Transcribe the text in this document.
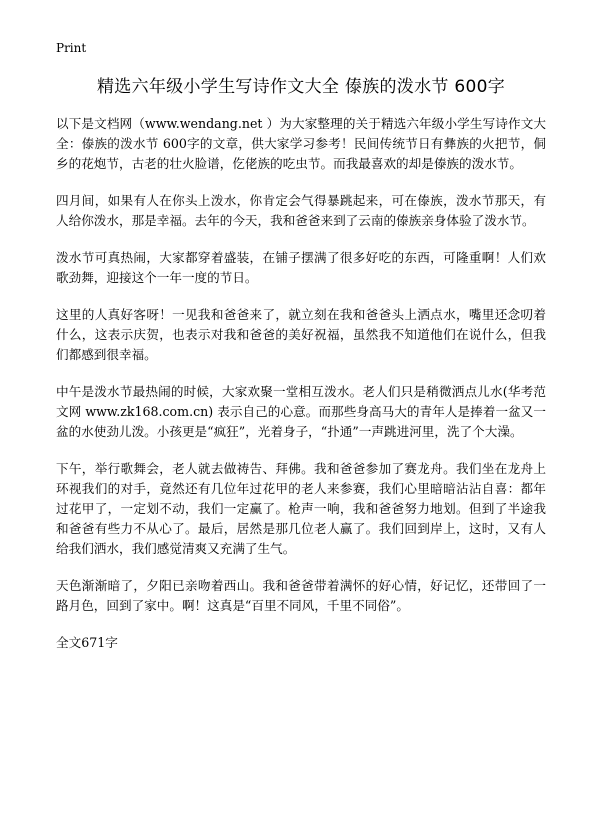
Print
精选六年级小学生写诗作文大全 傣族的泼水节 600字

以下是文档网（www.wendang.net ）为大家整理的关于精选六年级小学生写诗作文大全：傣族的泼水节 600字的文章，供大家学习参考！民间传统节日有彝族的火把节，侗乡的花炮节，古老的壮火脸谱，仡佬族的吃虫节。而我最喜欢的却是傣族的泼水节。

四月间，如果有人在你头上泼水，你肯定会气得暴跳起来，可在傣族，泼水节那天，有人给你泼水，那是幸福。去年的今天，我和爸爸来到了云南的傣族亲身体验了泼水节。

泼水节可真热闹，大家都穿着盛装，在铺子摆满了很多好吃的东西，可隆重啊！人们欢歌劲舞，迎接这个一年一度的节日。

这里的人真好客呀！一见我和爸爸来了，就立刻在我和爸爸头上洒点水，嘴里还念叨着什么，这表示庆贺，也表示对我和爸爸的美好祝福，虽然我不知道他们在说什么，但我们都感到很幸福。

中午是泼水节最热闹的时候，大家欢聚一堂相互泼水。老人们只是稍微洒点儿水(华考范文网 www.zk168.com.cn) 表示自己的心意。而那些身高马大的青年人是捧着一盆又一盆的水使劲儿泼。小孩更是“疯狂”，光着身子，“扑通”一声跳进河里，洗了个大澡。

下午，举行歌舞会，老人就去做祷告、拜佛。我和爸爸参加了赛龙舟。我们坐在龙舟上环视我们的对手，竟然还有几位年过花甲的老人来参赛，我们心里暗暗沾沾自喜：都年过花甲了，一定划不动，我们一定赢了。枪声一响，我和爸爸努力地划。但到了半途我和爸爸有些力不从心了。最后，居然是那几位老人赢了。我们回到岸上，这时，又有人给我们洒水，我们感觉清爽又充满了生气。

天色渐渐暗了，夕阳已亲吻着西山。我和爸爸带着满怀的好心情，好记忆，还带回了一路月色，回到了家中。啊！这真是“百里不同风，千里不同俗”。

全文671字
